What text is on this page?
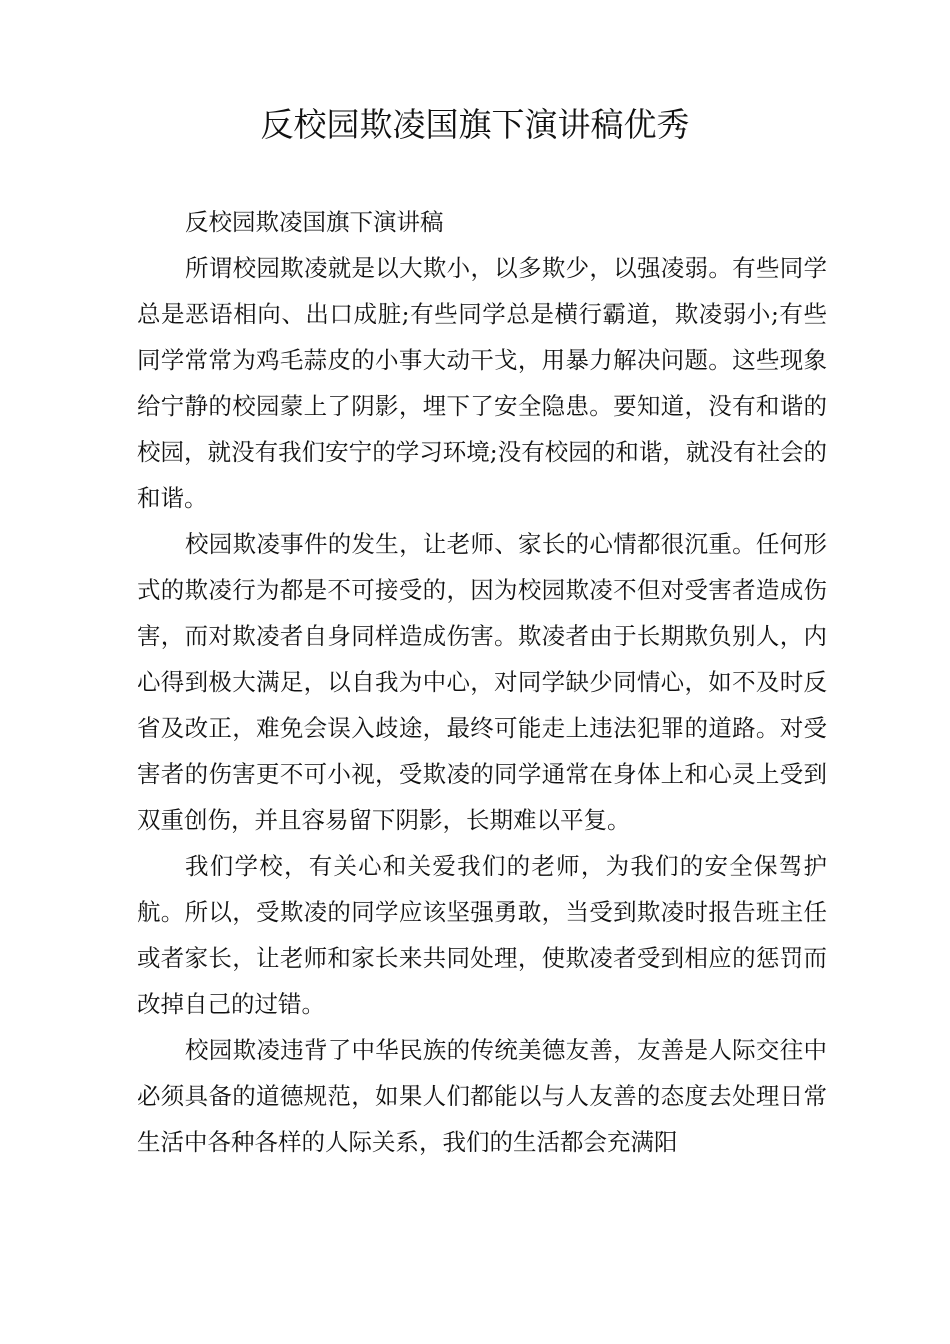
反校园欺凌国旗下演讲稿优秀

反校园欺凌国旗下演讲稿

所谓校园欺凌就是以大欺小，以多欺少，以强凌弱。有些同学总是恶语相向、出口成脏;有些同学总是横行霸道，欺凌弱小;有些同学常常为鸡毛蒜皮的小事大动干戈，用暴力解决问题。这些现象给宁静的校园蒙上了阴影，埋下了安全隐患。要知道，没有和谐的校园，就没有我们安宁的学习环境;没有校园的和谐，就没有社会的和谐。

校园欺凌事件的发生，让老师、家长的心情都很沉重。任何形式的欺凌行为都是不可接受的，因为校园欺凌不但对受害者造成伤害，而对欺凌者自身同样造成伤害。欺凌者由于长期欺负别人，内心得到极大满足，以自我为中心，对同学缺少同情心，如不及时反省及改正，难免会误入歧途，最终可能走上违法犯罪的道路。对受害者的伤害更不可小视，受欺凌的同学通常在身体上和心灵上受到双重创伤，并且容易留下阴影，长期难以平复。

我们学校，有关心和关爱我们的老师，为我们的安全保驾护航。所以，受欺凌的同学应该坚强勇敢，当受到欺凌时报告班主任或者家长，让老师和家长来共同处理，使欺凌者受到相应的惩罚而改掉自己的过错。

校园欺凌违背了中华民族的传统美德友善，友善是人际交往中必须具备的道德规范，如果人们都能以与人友善的态度去处理日常生活中各种各样的人际关系，我们的生活都会充满阳
